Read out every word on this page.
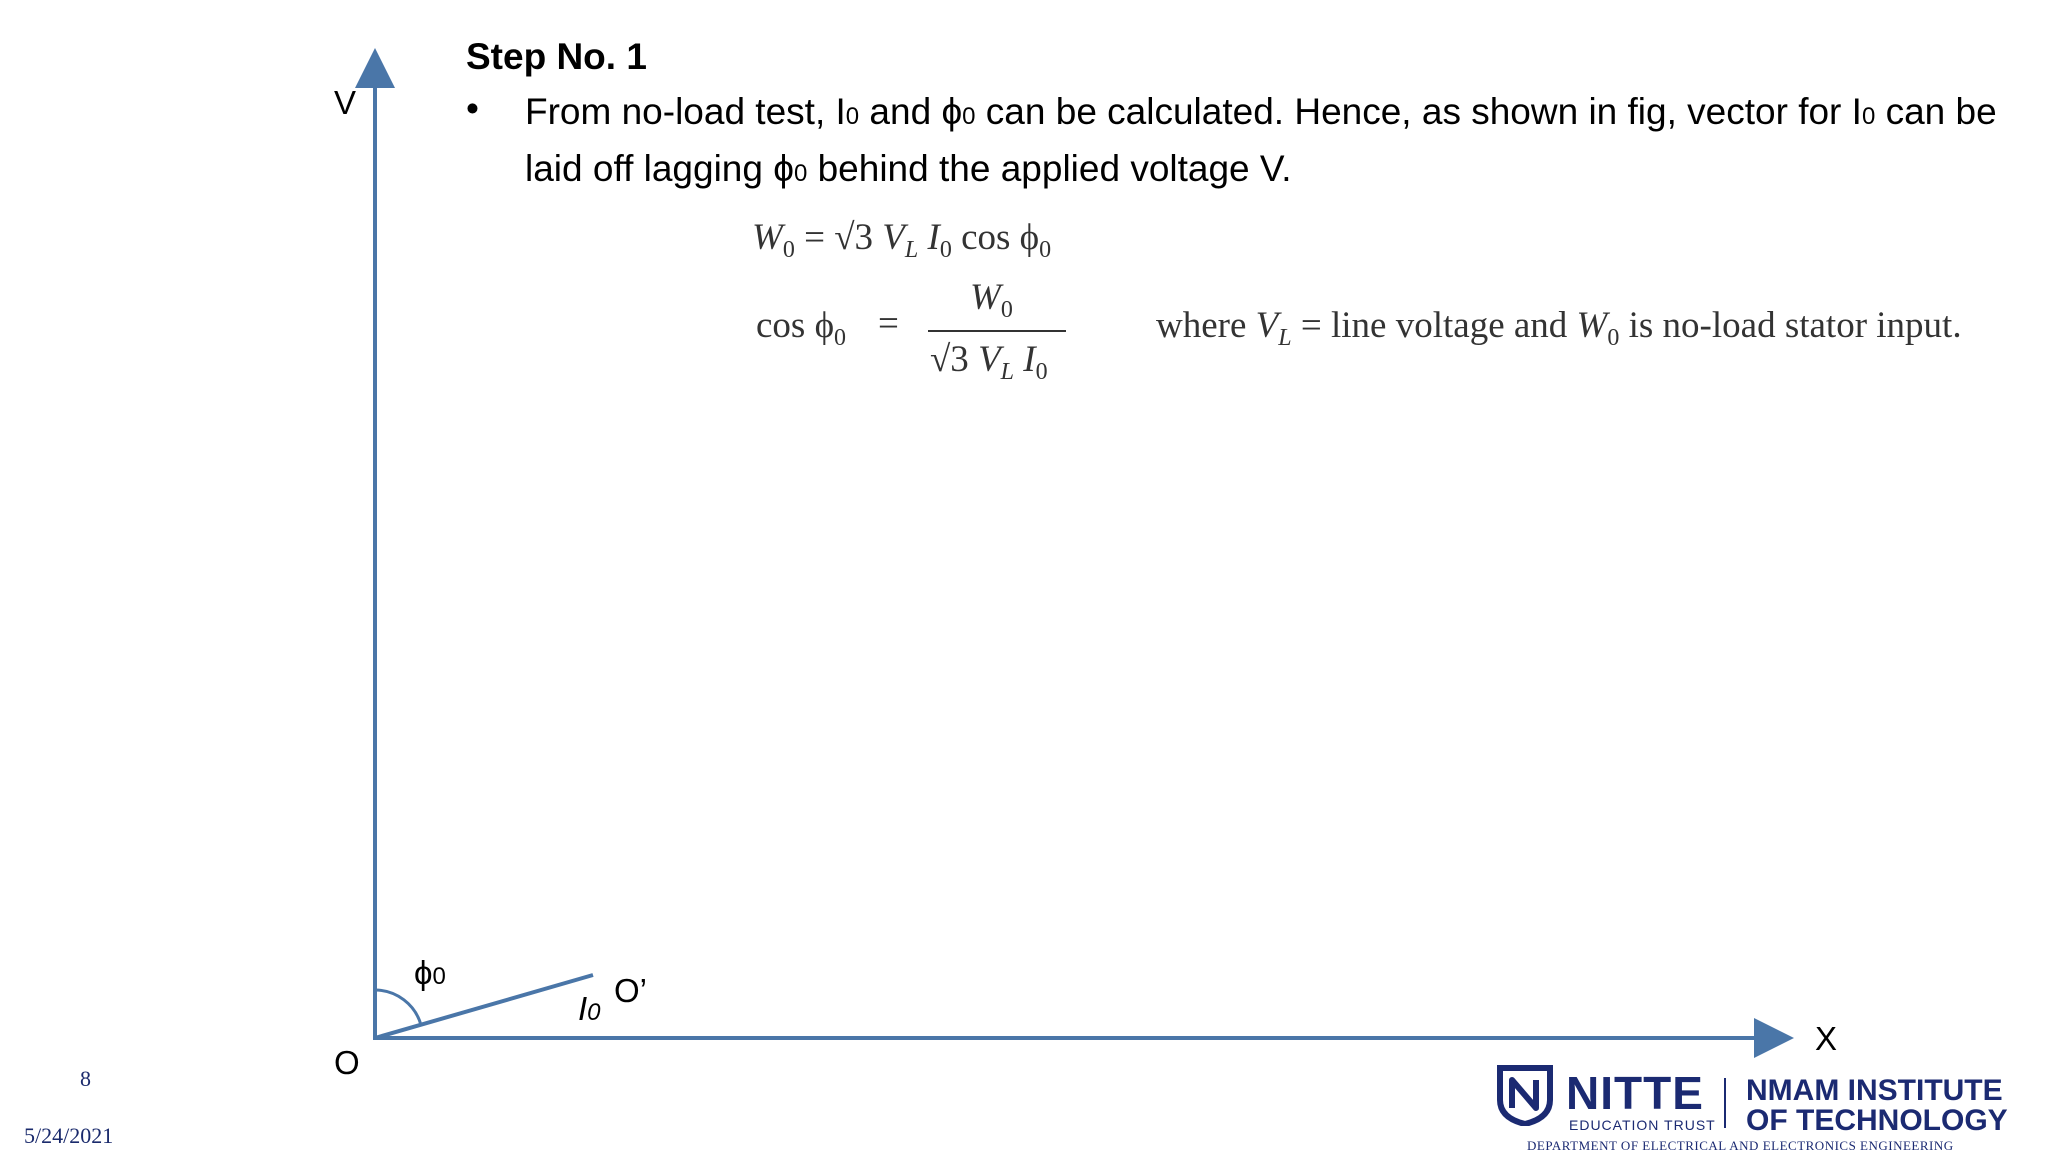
V
X
O
O’
ϕ0
I0
Step No. 1
• From no-load test, I0 and ϕ0 can be calculated. Hence, as shown in fig, vector for I0 can be laid off lagging ϕ0 behind the applied voltage V.
$W_0 = √3$ $V_L$ $I_0$ $\cos \phi_0$
$\cos \phi_0$ =
$W_0$
√3 $V_L$ $I_0$
where $V_L$ = line voltage and $W_0$ is no-load stator input.
8
5/24/2021
NITTE
EDUCATION TRUST
NMAM INSTITUTE
OF TECHNOLOGY
DEPARTMENT OF ELECTRICAL AND ELECTRONICS ENGINEERING
